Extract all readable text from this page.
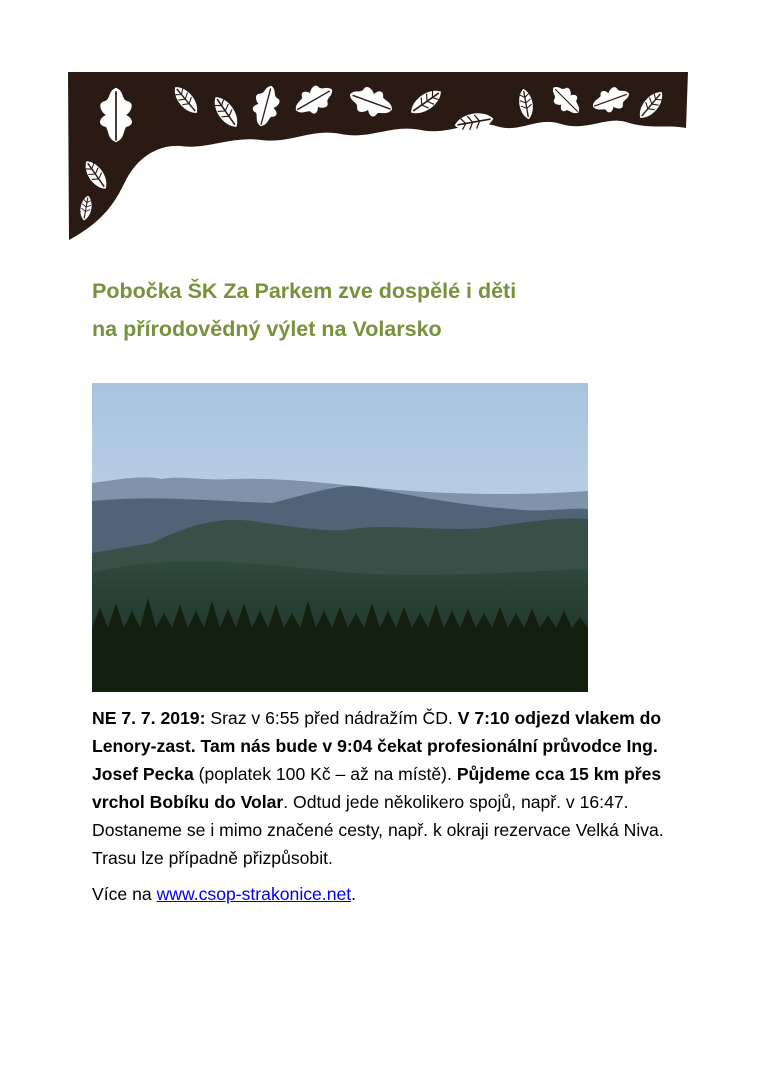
Pobočka ŠK Za Parkem zve dospělé i děti
na přírodovědný výlet na Volarsko

NE 7. 7. 2019: Sraz v 6:55 před nádražím ČD. V 7:10 odjezd vlakem do Lenory-zast. Tam nás bude v 9:04 čekat profesionální průvodce Ing. Josef Pecka (poplatek 100 Kč – až na místě). Půjdeme cca 15 km přes vrchol Bobíku do Volar. Odtud jede několikero spojů, např. v 16:47. Dostaneme se i mimo značené cesty, např. k okraji rezervace Velká Niva. Trasu lze případně přizpůsobit.

Více na www.csop-strakonice.net.
